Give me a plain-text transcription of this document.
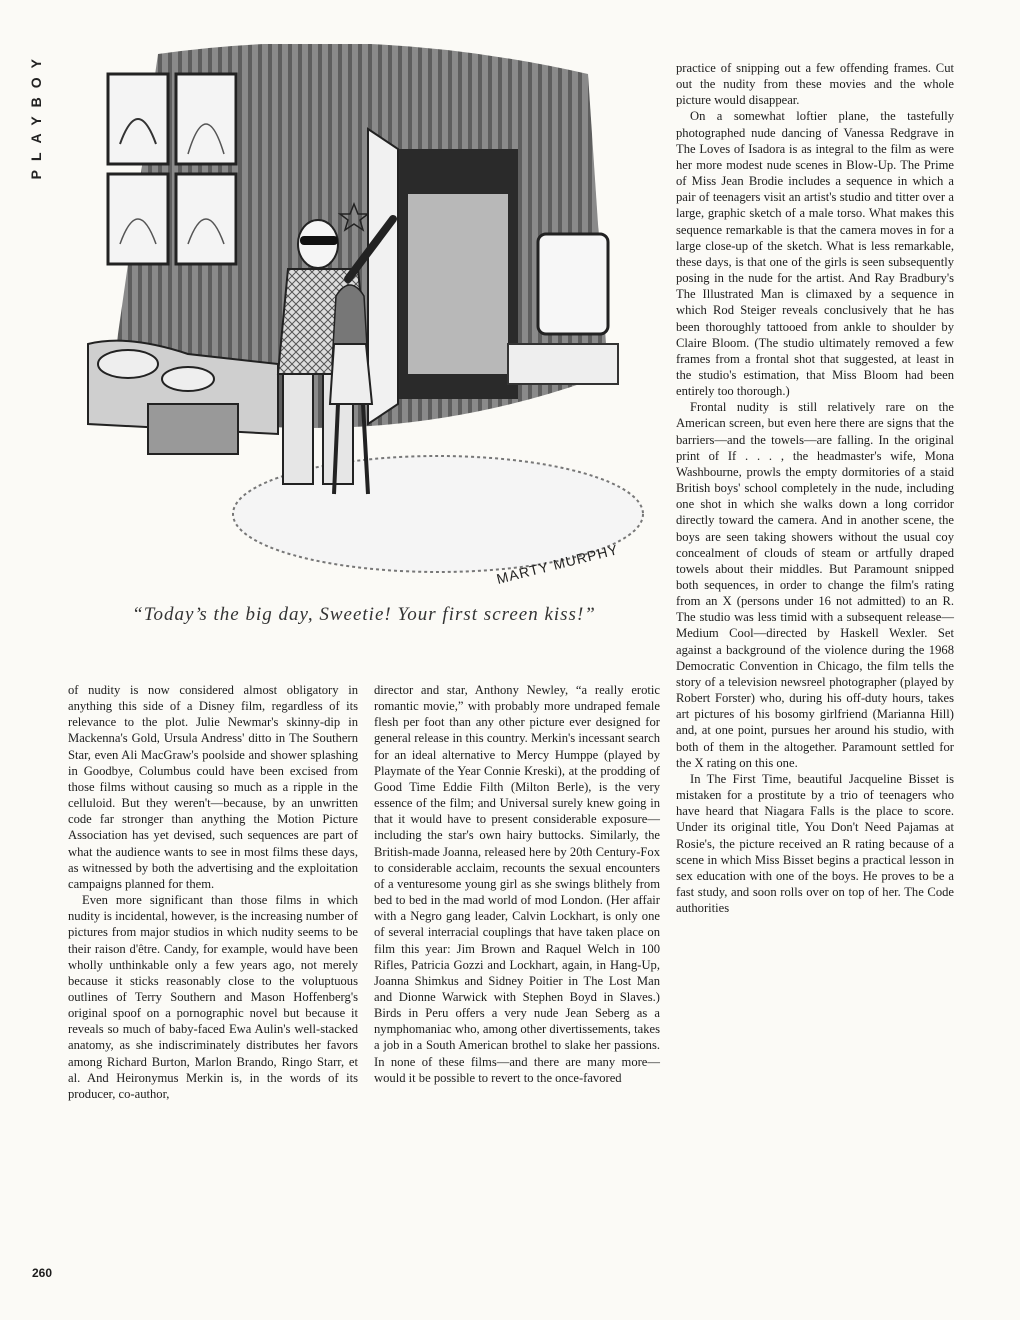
PLAYBOY
MARTY MURPHY
“Today’s the big day, Sweetie! Your first screen kiss!”

of nudity is now considered almost obligatory in anything this side of a Disney film, regardless of its relevance to the plot. Julie Newmar's skinny-dip in Mackenna's Gold, Ursula Andress' ditto in The Southern Star, even Ali MacGraw's poolside and shower splashing in Goodbye, Columbus could have been excised from those films without causing so much as a ripple in the celluloid. But they weren't—because, by an unwritten code far stronger than anything the Motion Picture Association has yet devised, such sequences are part of what the audience wants to see in most films these days, as witnessed by both the advertising and the exploitation campaigns planned for them.

Even more significant than those films in which nudity is incidental, however, is the increasing number of pictures from major studios in which nudity seems to be their raison d'être. Candy, for example, would have been wholly unthinkable only a few years ago, not merely because it sticks reasonably close to the voluptuous outlines of Terry Southern and Mason Hoffenberg's original spoof on a pornographic novel but because it reveals so much of baby-faced Ewa Aulin's well-stacked anatomy, as she indiscriminately distributes her favors among Richard Burton, Marlon Brando, Ringo Starr, et al. And Heironymus Merkin is, in the words of its producer, co-author,

director and star, Anthony Newley, “a really erotic romantic movie,” with probably more undraped female flesh per foot than any other picture ever designed for general release in this country. Merkin's incessant search for an ideal alternative to Mercy Humppe (played by Playmate of the Year Connie Kreski), at the prodding of Good Time Eddie Filth (Milton Berle), is the very essence of the film; and Universal surely knew going in that it would have to present considerable exposure—including the star's own hairy buttocks. Similarly, the British-made Joanna, released here by 20th Century-Fox to considerable acclaim, recounts the sexual encounters of a venturesome young girl as she swings blithely from bed to bed in the mad world of mod London. (Her affair with a Negro gang leader, Calvin Lockhart, is only one of several interracial couplings that have taken place on film this year: Jim Brown and Raquel Welch in 100 Rifles, Patricia Gozzi and Lockhart, again, in Hang-Up, Joanna Shimkus and Sidney Poitier in The Lost Man and Dionne Warwick with Stephen Boyd in Slaves.) Birds in Peru offers a very nude Jean Seberg as a nymphomaniac who, among other divertissements, takes a job in a South American brothel to slake her passions. In none of these films—and there are many more—would it be possible to revert to the once-favored

practice of snipping out a few offending frames. Cut out the nudity from these movies and the whole picture would disappear.

On a somewhat loftier plane, the tastefully photographed nude dancing of Vanessa Redgrave in The Loves of Isadora is as integral to the film as were her more modest nude scenes in Blow-Up. The Prime of Miss Jean Brodie includes a sequence in which a pair of teenagers visit an artist's studio and titter over a large, graphic sketch of a male torso. What makes this sequence remarkable is that the camera moves in for a large close-up of the sketch. What is less remarkable, these days, is that one of the girls is seen subsequently posing in the nude for the artist. And Ray Bradbury's The Illustrated Man is climaxed by a sequence in which Rod Steiger reveals conclusively that he has been thoroughly tattooed from ankle to shoulder by Claire Bloom. (The studio ultimately removed a few frames from a frontal shot that suggested, at least in the studio's estimation, that Miss Bloom had been entirely too thorough.)

Frontal nudity is still relatively rare on the American screen, but even here there are signs that the barriers—and the towels—are falling. In the original print of If . . . , the headmaster's wife, Mona Washbourne, prowls the empty dormitories of a staid British boys' school completely in the nude, including one shot in which she walks down a long corridor directly toward the camera. And in another scene, the boys are seen taking showers without the usual coy concealment of clouds of steam or artfully draped towels about their middles. But Paramount snipped both sequences, in order to change the film's rating from an X (persons under 16 not admitted) to an R. The studio was less timid with a subsequent release—Medium Cool—directed by Haskell Wexler. Set against a background of the violence during the 1968 Democratic Convention in Chicago, the film tells the story of a television newsreel photographer (played by Robert Forster) who, during his off-duty hours, takes art pictures of his bosomy girlfriend (Marianna Hill) and, at one point, pursues her around his studio, with both of them in the altogether. Paramount settled for the X rating on this one.

In The First Time, beautiful Jacqueline Bisset is mistaken for a prostitute by a trio of teenagers who have heard that Niagara Falls is the place to score. Under its original title, You Don't Need Pajamas at Rosie's, the picture received an R rating because of a scene in which Miss Bisset begins a practical lesson in sex education with one of the boys. He proves to be a fast study, and soon rolls over on top of her. The Code authorities

260
